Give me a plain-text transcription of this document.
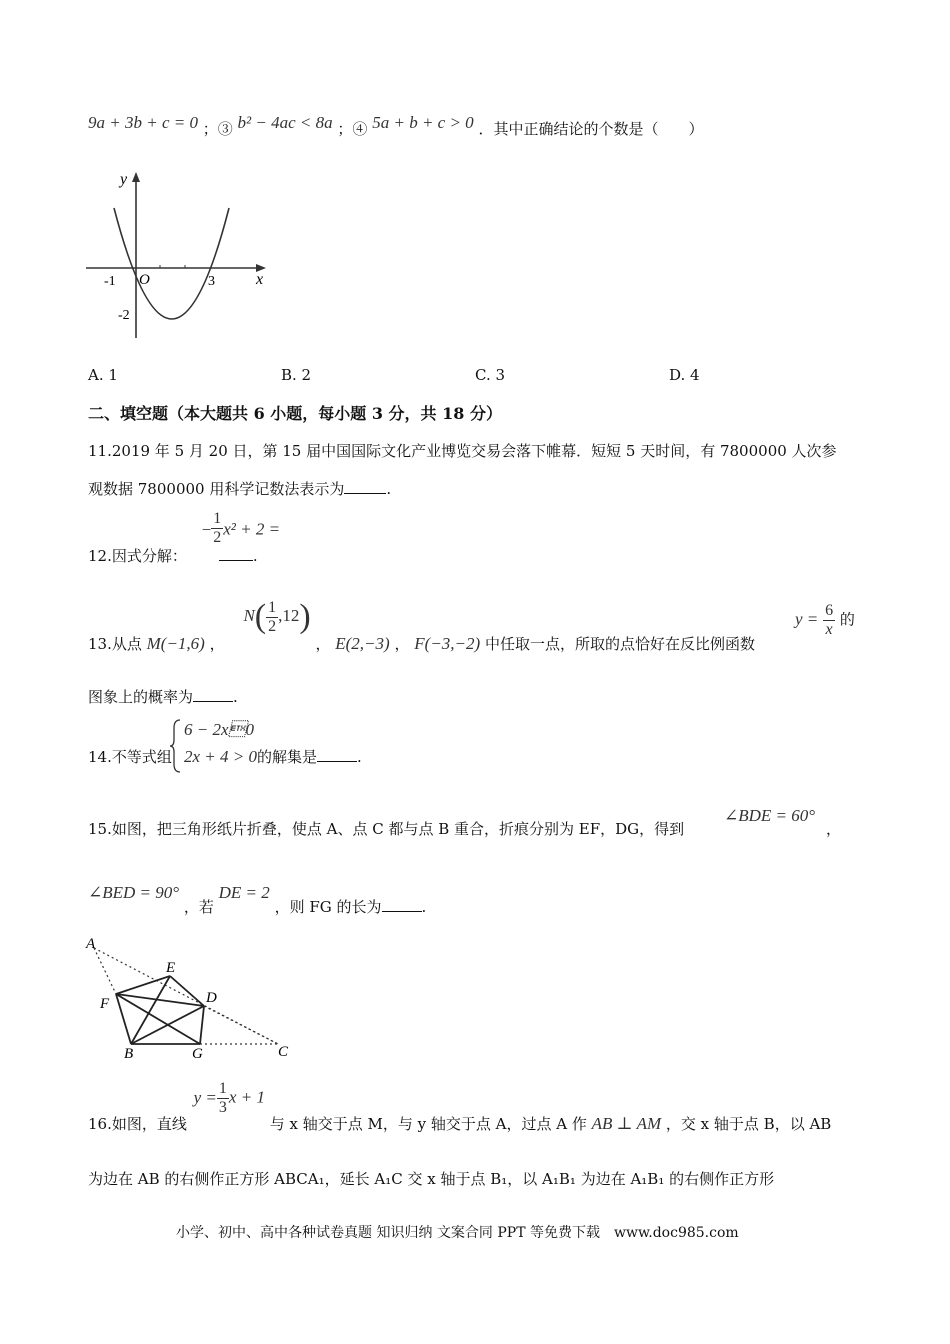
9a + 3b + c = 0 ；③ b² − 4ac < 8a ；④ 5a + b + c > 0 ．其中正确结论的个数是（　　）
y
x
O
-1	3
-2
A. 1	B. 2	C. 3	D. 4
二、填空题（本大题共 6 小题，每小题 3 分，共 18 分）
11.2019 年 5 月 20 日，第 15 届中国国际文化产业博览交易会落下帷幕．短短 5 天时间，有 7800000 人次参
观数据 7800000 用科学记数法表示为	.
12.因式分解： − $\frac{1}{2} x^2 + 2$ = .
13.从点 M(−1,6) ， $N( \frac{1}{2} ,12)$ ， E(2,−3) ， F(−3,−2) 中任取一点，所取的点恰好在反比例函数
$y = \frac{6}{x}$ 的
图象上的概率为	.
14.不等式组
6 − 2x0
2x + 4 > 0的解集是	.
15.如图，把三角形纸片折叠，使点 A、点 C 都与点 B 重合，折痕分别为 EF，DG，得到
∠BDE = 60°
，
∠BED = 90° ，若 DE = 2 ，则 FG 的长为	.
A
E
F	D
B	G	C
16.如图，直线 $y = \frac{1}{3}$ x + 1 与 x 轴交于点 M，与 y 轴交于点 A，过点 A 作 AB ⊥ AM ，交 x 轴于点 B，以 AB
为边在 AB 的右侧作正方形 ABCA₁，延长 A₁C 交 x 轴于点 B₁，以 A₁B₁ 为边在 A₁B₁ 的右侧作正方形
小学、初中、高中各种试卷真题 知识归纳 文案合同 PPT 等免费下载　www.doc985.com
